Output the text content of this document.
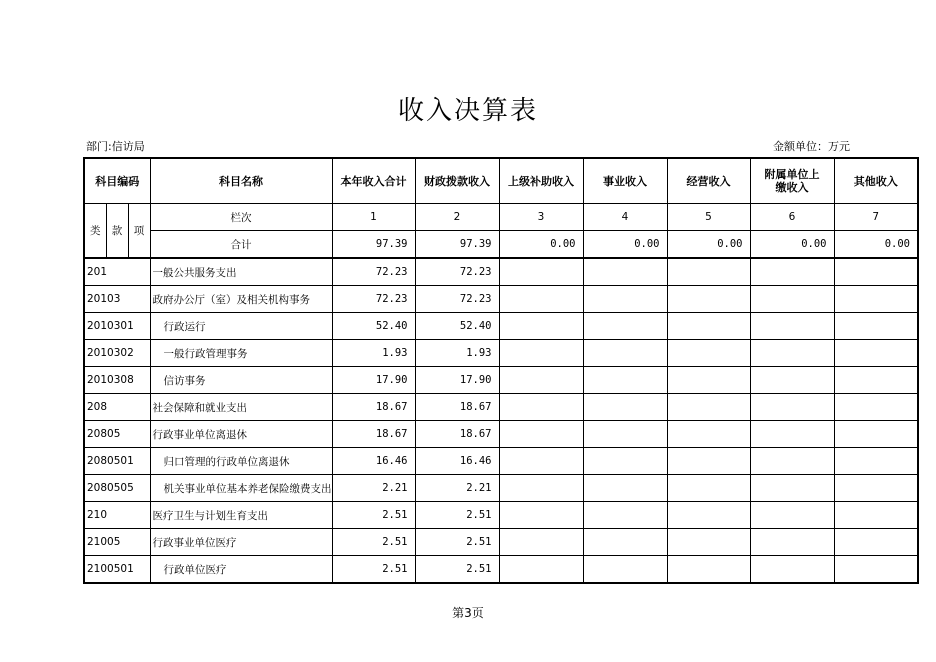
收入决算表
部门:信访局	金额单位：万元
科目编码			科目名称	本年收入合计	财政拨款收入	上级补助收入	事业收入	经营收入	附属单位上缴收入	其他收入
类	款	项	栏次	1	2	3	4	5	6	7
			合计	97.39	97.39	0.00	0.00	0.00	0.00	0.00
201			一般公共服务支出	72.23	72.23					
20103			政府办公厅（室）及相关机构事务	72.23	72.23					
2010301			行政运行	52.40	52.40					
2010302			一般行政管理事务	1.93	1.93					
2010308			信访事务	17.90	17.90					
208			社会保障和就业支出	18.67	18.67					
20805			行政事业单位离退休	18.67	18.67					
2080501			归口管理的行政单位离退休	16.46	16.46					
2080505			机关事业单位基本养老保险缴费支出	2.21	2.21					
210			医疗卫生与计划生育支出	2.51	2.51					
21005			行政事业单位医疗	2.51	2.51					
2100501			行政单位医疗	2.51	2.51					
第3页
